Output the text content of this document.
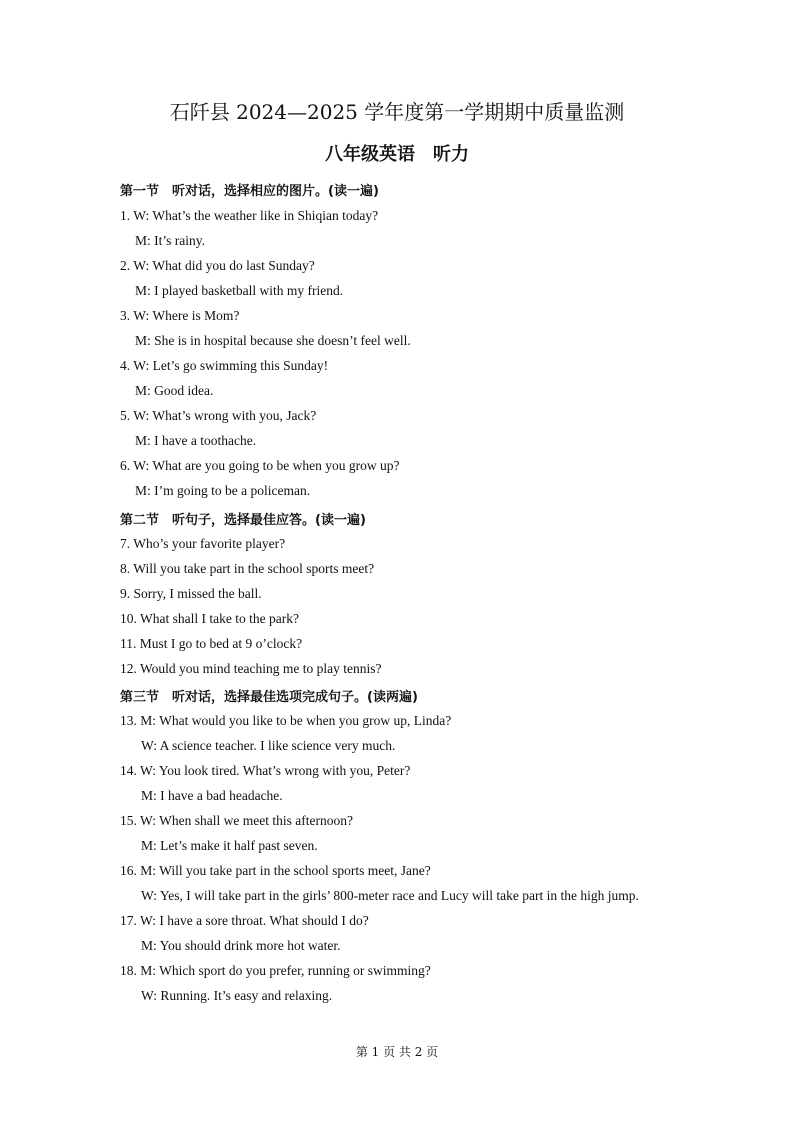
石阡县 2024—2025 学年度第一学期期中质量监测
八年级英语　听力
第一节　听对话，选择相应的图片。(读一遍)
1. W: What’s the weather like in Shiqian today?
M: It’s rainy.
2. W: What did you do last Sunday?
M: I played basketball with my friend.
3. W: Where is Mom?
M: She is in hospital because she doesn’t feel well.
4. W: Let’s go swimming this Sunday!
M: Good idea.
5. W: What’s wrong with you, Jack?
M: I have a toothache.
6. W: What are you going to be when you grow up?
M: I’m going to be a policeman.
第二节　听句子，选择最佳应答。(读一遍)
7. Who’s your favorite player?
8. Will you take part in the school sports meet?
9. Sorry, I missed the ball.
10. What shall I take to the park?
11. Must I go to bed at 9 o’clock?
12. Would you mind teaching me to play tennis?
第三节　听对话，选择最佳选项完成句子。(读两遍)
13. M: What would you like to be when you grow up, Linda?
W: A science teacher. I like science very much.
14. W: You look tired. What’s wrong with you, Peter?
M: I have a bad headache.
15. W: When shall we meet this afternoon?
M: Let’s make it half past seven.
16. M: Will you take part in the school sports meet, Jane?
W: Yes, I will take part in the girls’ 800-meter race and Lucy will take part in the high jump.
17. W: I have a sore throat. What should I do?
M: You should drink more hot water.
18. M: Which sport do you prefer, running or swimming?
W: Running. It’s easy and relaxing.
第 1 页 共 2 页
